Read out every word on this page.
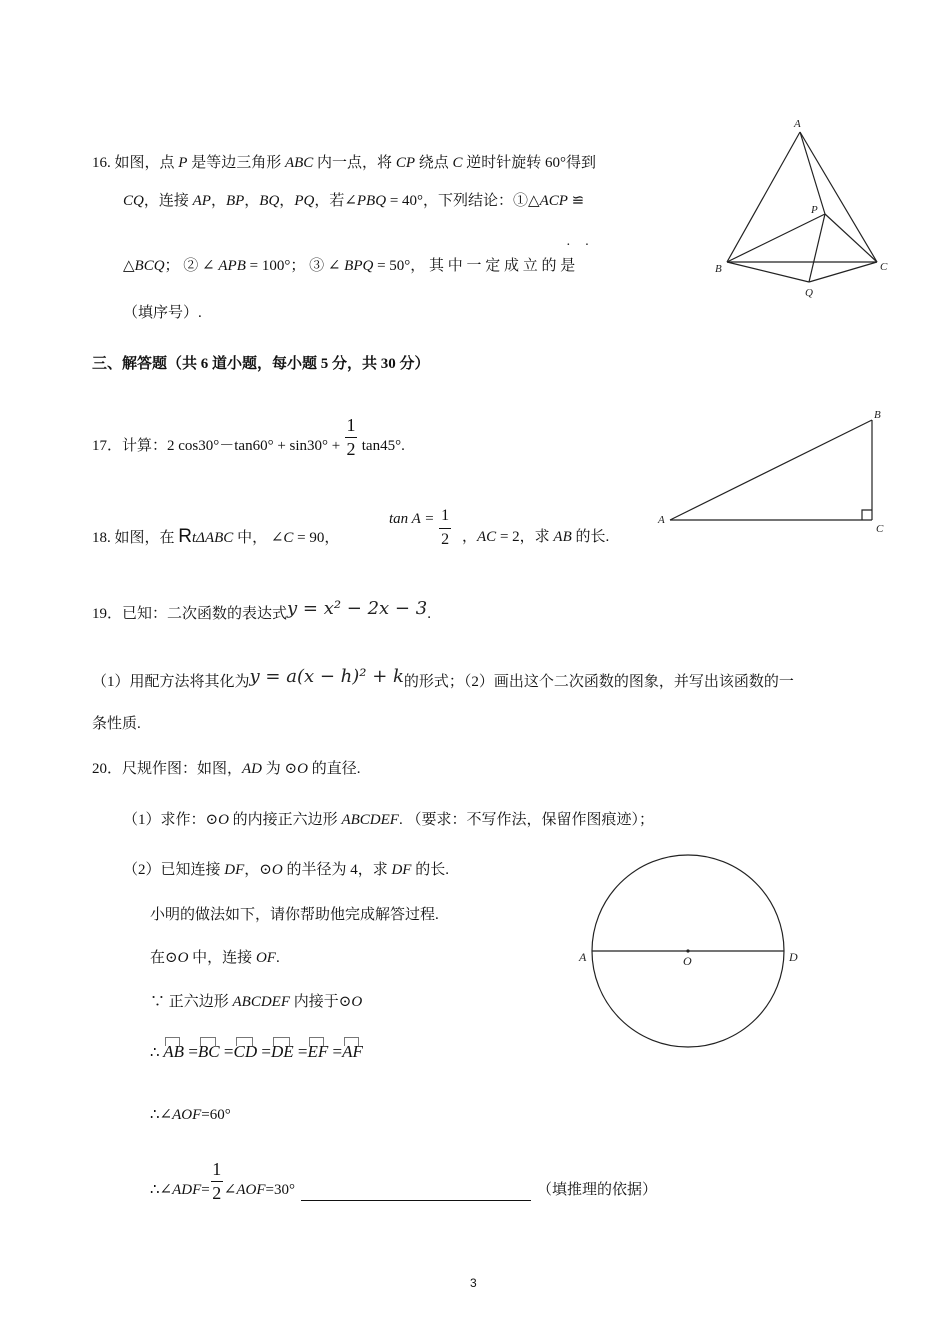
16. 如图，点 P 是等边三角形 ABC 内一点，将 CP 绕点 C 逆时针旋转 60°得到
CQ，连接 AP，BP，BQ，PQ，若∠PBQ = 40°，下列结论：①△ACP ≌
·    ·
△BCQ； ② ∠ APB = 100°； ③ ∠ BPQ = 50°， 其 中 一 定 成 立 的 是
（填序号）.
A
B	C
P
Q
三、解答题（共 6 道小题，每小题 5 分，共 30 分）
17．计算：2 $\cos 30^\circ-\tan 60^\circ + \sin 30^\circ + \frac{1}{2} \tan 45^\circ$.
18. 如图，在 RtΔABC 中， ∠C = 90，
tan A =
$\frac{1}{2}$ ，AC = 2，求 AB 的长.
A
B
C
19．已知：二次函数的表达式y = x² − 2x − 3.
（1）用配方法将其化为y = a(x − h)² + k的形式；（2）画出这个二次函数的图象，并写出该函数的一
条性质.
20．尺规作图：如图，AD 为 ⊙O 的直径.
（1）求作：⊙O 的内接正六边形 ABCDEF. （要求：不写作法，保留作图痕迹）；
（2）已知连接 DF，⊙O 的半径为 4，求 DF 的长.
小明的做法如下，请你帮助他完成解答过程.
在⊙O 中，连接 OF.
∵ 正六边形 ABCDEF 内接于⊙O
∴ AB =BC =CD =DE =EF =AF
∴∠AOF=60°
∴∠ADF= $\frac{1}{2}$ ∠AOF=30°	（填推理的依据）
A	O	D
3
